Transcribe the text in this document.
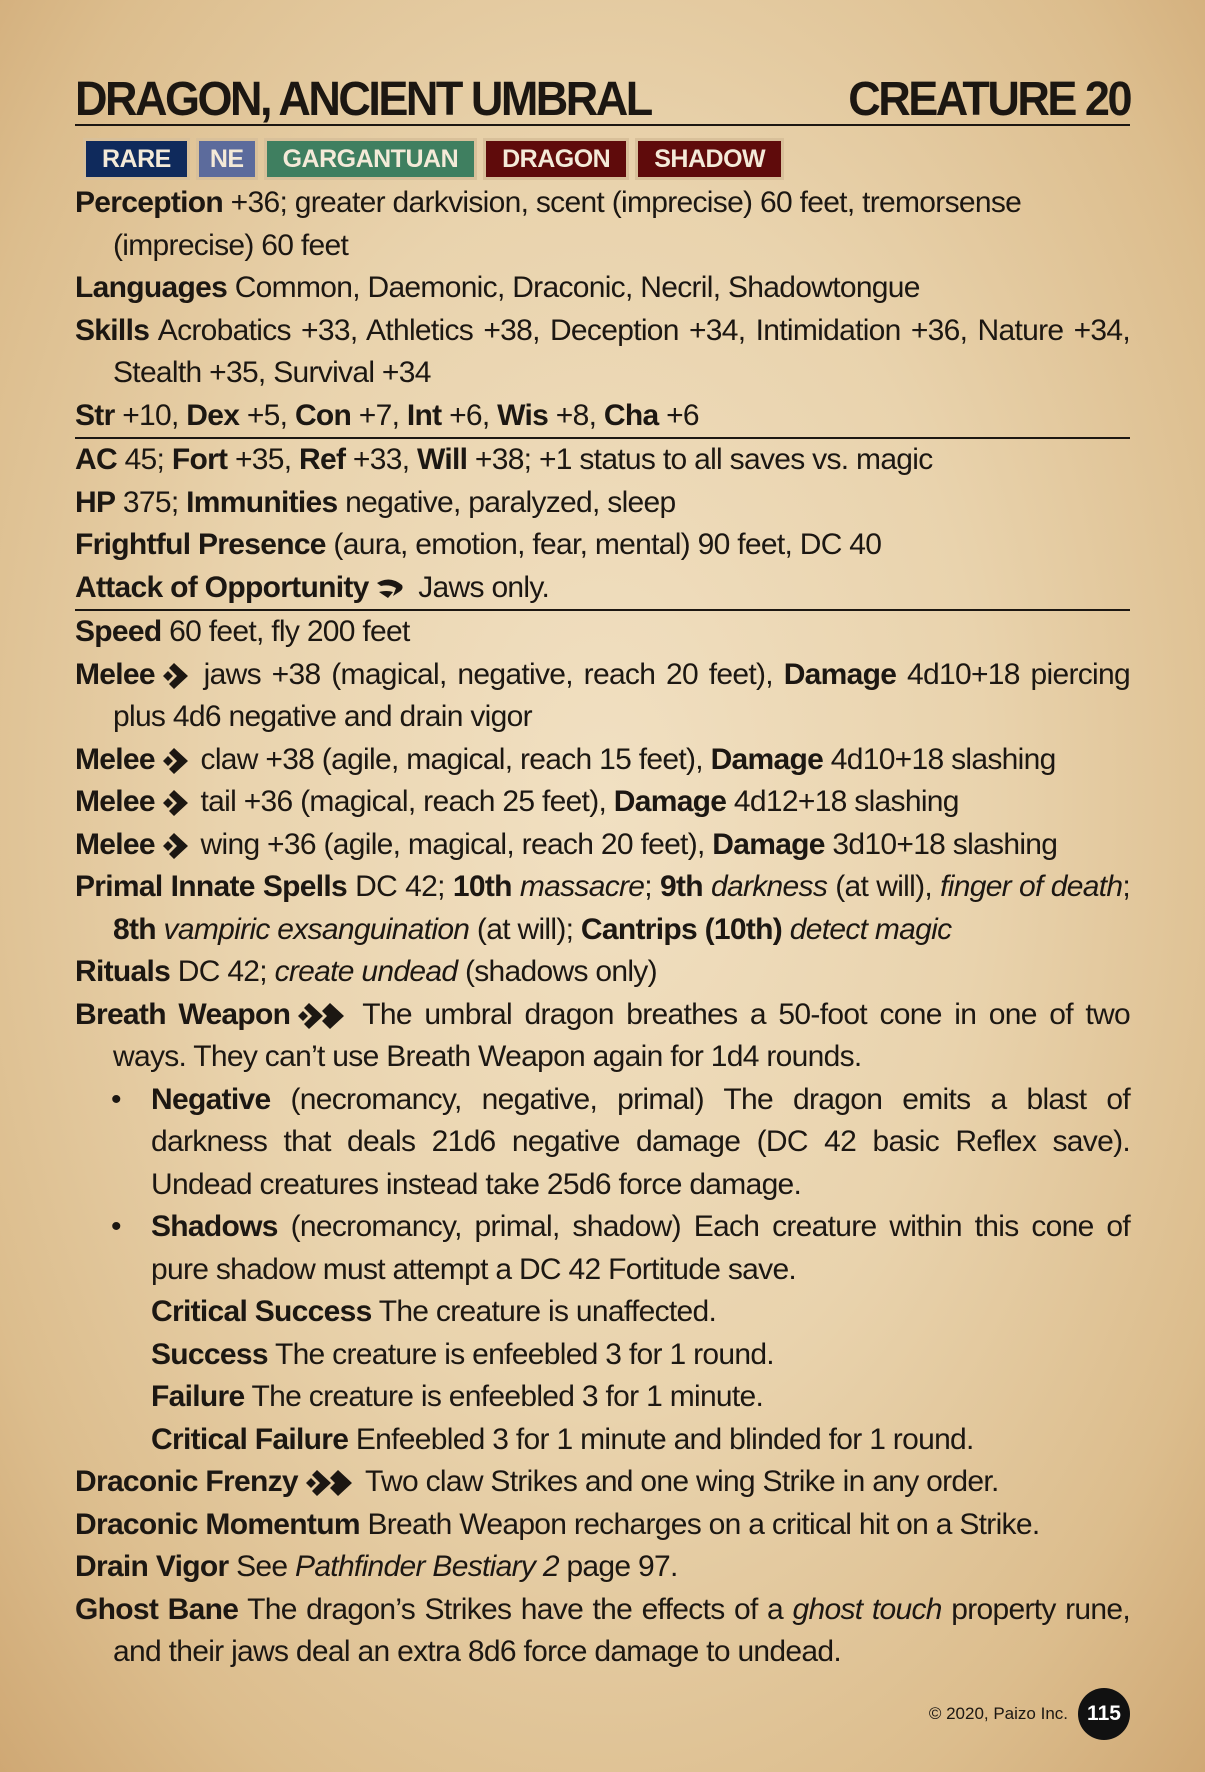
DRAGON, ANCIENT UMBRAL	CREATURE 20
RARE	NE	GARGANTUAN	DRAGON	SHADOW
Perception +36; greater darkvision, scent (imprecise) 60 feet, tremorsense (imprecise) 60 feet
Languages Common, Daemonic, Draconic, Necril, Shadowtongue
Skills Acrobatics +33, Athletics +38, Deception +34, Intimidation +36, Nature +34, Stealth +35, Survival +34
Str +10, Dex +5, Con +7, Int +6, Wis +8, Cha +6
AC 45; Fort +35, Ref +33, Will +38; +1 status to all saves vs. magic
HP 375; Immunities negative, paralyzed, sleep
Frightful Presence (aura, emotion, fear, mental) 90 feet, DC 40
Attack of Opportunity
Jaws only.
Speed 60 feet, fly 200 feet
Melee
jaws +38 (magical, negative, reach 20 feet), Damage 4d10+18 piercing plus 4d6 negative and drain vigor
Melee
claw +38 (agile, magical, reach 15 feet), Damage 4d10+18 slashing
Melee
tail +36 (magical, reach 25 feet), Damage 4d12+18 slashing
Melee
wing +36 (agile, magical, reach 20 feet), Damage 3d10+18 slashing
Primal Innate Spells DC 42; 10th massacre; 9th darkness (at will), finger of death; 8th vampiric exsanguination (at will); Cantrips (10th) detect magic
Rituals DC 42; create undead (shadows only)
Breath Weapon
The umbral dragon breathes a 50-foot cone in one of two ways. They can’t use Breath Weapon again for 1d4 rounds.
• Negative (necromancy, negative, primal) The dragon emits a blast of darkness that deals 21d6 negative damage (DC 42 basic Reflex save). Undead creatures instead take 25d6 force damage.
• Shadows (necromancy, primal, shadow) Each creature within this cone of pure shadow must attempt a DC 42 Fortitude save.
Critical Success The creature is unaffected.
Success The creature is enfeebled 3 for 1 round.
Failure The creature is enfeebled 3 for 1 minute.
Critical Failure Enfeebled 3 for 1 minute and blinded for 1 round.
Draconic Frenzy
Two claw Strikes and one wing Strike in any order.
Draconic Momentum Breath Weapon recharges on a critical hit on a Strike.
Drain Vigor See Pathfinder Bestiary 2 page 97.
Ghost Bane The dragon’s Strikes have the effects of a ghost touch property rune, and their jaws deal an extra 8d6 force damage to undead.
© 2020, Paizo Inc. 115
